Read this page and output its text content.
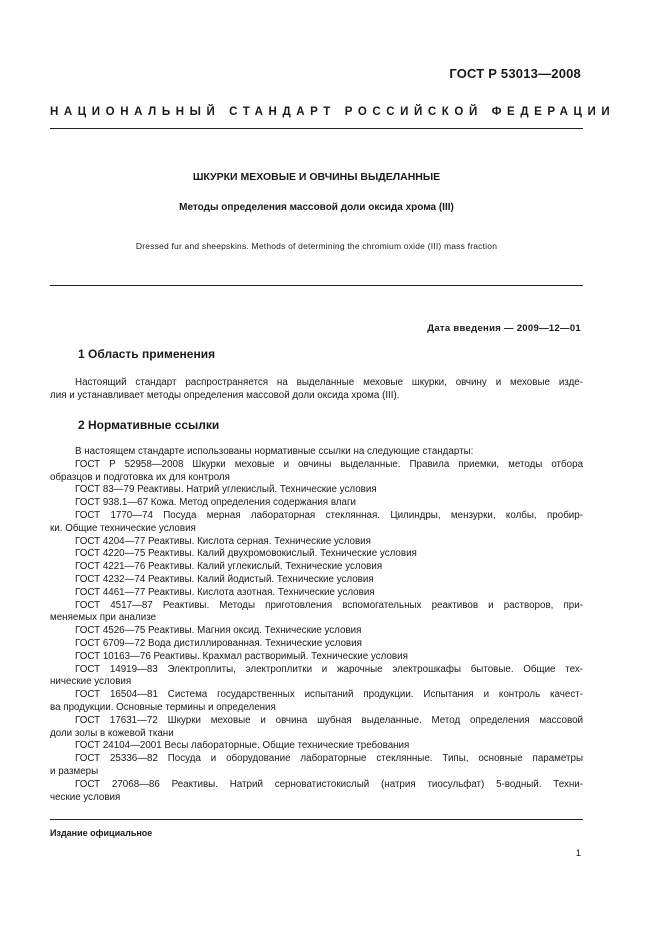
ГОСТ Р 53013—2008
НАЦИОНАЛЬНЫЙ СТАНДАРТ РОССИЙСКОЙ ФЕДЕРАЦИИ
ШКУРКИ МЕХОВЫЕ И ОВЧИНЫ ВЫДЕЛАННЫЕ
Методы определения массовой доли оксида хрома (III)
Dressed fur and sheepskins. Methods of determining the chromium oxide (III) mass fraction
Дата введения — 2009—12—01
1 Область применения
Настоящий стандарт распространяется на выделанные меховые шкурки, овчину и меховые изде-
лия и устанавливает методы определения массовой доли оксида хрома (III).
2 Нормативные ссылки
В настоящем стандарте использованы нормативные ссылки на следующие стандарты:
ГОСТ Р 52958—2008 Шкурки меховые и овчины выделанные. Правила приемки, методы отбора
образцов и подготовка их для контроля
ГОСТ 83—79 Реактивы. Натрий углекислый. Технические условия
ГОСТ 938.1—67 Кожа. Метод определения содержания влаги
ГОСТ 1770—74 Посуда мерная лабораторная стеклянная. Цилиндры, мензурки, колбы, пробир-
ки. Общие технические условия
ГОСТ 4204—77 Реактивы. Кислота серная. Технические условия
ГОСТ 4220—75 Реактивы. Калий двухромовокислый. Технические условия
ГОСТ 4221—76 Реактивы. Калий углекислый. Технические условия
ГОСТ 4232—74 Реактивы. Калий йодистый. Технические условия
ГОСТ 4461—77 Реактивы. Кислота азотная. Технические условия
ГОСТ 4517—87 Реактивы. Методы приготовления вспомогательных реактивов и растворов, при-
меняемых при анализе
ГОСТ 4526—75 Реактивы. Магния оксид. Технические условия
ГОСТ 6709—72 Вода дистиллированная. Технические условия
ГОСТ 10163—76 Реактивы. Крахмал растворимый. Технические условия
ГОСТ 14919—83 Электроплиты, электроплитки и жарочные электрошкафы бытовые. Общие тех-
нические условия
ГОСТ 16504—81 Система государственных испытаний продукции. Испытания и контроль качест-
ва продукции. Основные термины и определения
ГОСТ 17631—72 Шкурки меховые и овчина шубная выделанные. Метод определения массовой
доли золы в кожевой ткани
ГОСТ 24104—2001 Весы лабораторные. Общие технические требования
ГОСТ 25336—82 Посуда и оборудование лабораторные стеклянные. Типы, основные параметры
и размеры
ГОСТ 27068—86 Реактивы. Натрий серноватистокислый (натрия тиосульфат) 5-водный. Техни-
ческие условия
Издание официальное
1
